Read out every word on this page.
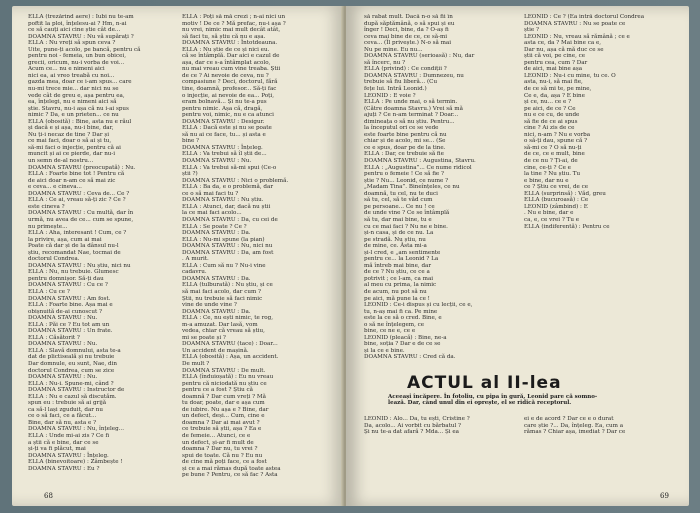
ELLA (trezărind aere) : Iubi nu te-am
poftit la ploi, înțelesu-ai ? Hm, n-ai
ce să cauți aici cine știe cât de...
DOAMNA STAVRU : Nu vă supărați ?
ELLA : Nu vreți să spun ceva ?
Uite, pune-ți acolo, pe bancă, pentru că
pentru noi - femeia, un bun obicei,
grecii, oricum, nu-i vorba de voi...
Acum ce... nu e nimeni aici
nici ea, ai vreo treabă cu noi...
gazda mea, doar ce i-am spus... care
nu-mi trece mie... dar nici nu se
vede cât de greu e, așa pentru ea,
ea, înțelegi, nu e nimeni aici să
știe. Stavru, nu-i așa că nu i-ai spus
nimic ? Da, e un prieten... ce nu
ELLA (obosită) : Bine, asta nu e răul
și dacă e și așa, nu-i bine, dar,
Nu ți-i necaz de tine ? Dar și
ce mai faci, doar o să ai și tu,
să-mi faci o injecție, pentru că ai
muncit și ai ce pierde, dar nu-i
un semn de-al nostru...
DOAMNA STAVRU (preocupată) : Nu.
ELLA : Foarte bine tot ! Pentru că
de aici doar n-am ce să mai zic
e ceva... e cineva...
DOAMNA STAVRU : Ceva de... Ce ?
ELLA : Ce ai, vreau să-ți zic ? Ce ?
este cineva ?
DOAMNA STAVRU : Cu multă, dar în
urmă, nu avea de ce... cum se spune,
nu primește...
ELLA : Aha, interesant ! Cum, ce ?
la privire, așa, cum ai mai
Poate că dar și de la dânsul nu-l
știu, recomandat Nae, tocmai de
doctorul Condrea.
DOAMNA STAVRU : Nu știu, nici nu
ELLA : Nu, nu trebuie. Glumesc
pentru domnișor. Să-ți dau
DOAMNA STAVRU : Cu ce ?
ELLA : Cu ce ?
DOAMNA STAVRU : Am fost.
ELLA : Foarte bine. Așa mai e
obișnuită de-ai cunoscut ?
DOAMNA STAVRU : Nu.
ELLA : Păi ce ? Eu tot am un
DOAMNA STAVRU : Un frate.
ELLA : Căsătorit ?
DOAMNA STAVRU : Nu.
ELLA : Slavă domnului, asta te-a
dat de plictiseală și nu trebuie
Dar domnule, eu sunt, Nae, din
doctorul Condrea, cum se zice
DOAMNA STAVRU : Nu.
ELLA : Nu-i. Spune-mi, când ?
DOAMNA STAVRU : Instructor de
ELLA : Nu e cazul să discutăm.
spun eu : trebuie să ai grijă
ca să-l lași zguduit, dar nu
ce o să faci, ce a făcut...
Bine, dar să nu, asta e ?
DOAMNA STAVRU : Nu, înțeleg...
ELLA : Unde mi-ai zis ? Ce fi
a știi că e bine, dar ce se
și-ți va fi plăcut, mai
DOAMNA STAVRU : Înțeleg.
ELLA (binevoitoare) : Zâmbește !
DOAMNA STAVRU : Eu ?
ELLA : Poți să mă crezi ; n-ai nici un
motiv ! De ce ? Mă prefac, nu-i așa ?
nu vrei, nimic mai mult decât atât,
să faci tu, să știu că nu e așa.
DOAMNA STAVRU : Întotdeauna.
ELLA : Nu știe de ce și nici eu.
că se întâmplă. Dar aici e cazul de
așa, dar ce s-a întâmplat acolo,
nu mai vreau cum vine treaba. Știi
de ce ? Ai nevoie de ceva, nu ?
compasiune ? Deci, doctorul, fără
tine, doamnă, profesor... Să-ți fac
o injecție, ai nevoie de ea... Poți,
eram bolnavă... Și nu te-a pus
pentru nimic. Așa că, dragă,
pentru voi, nimic, nu e ca atunci
DOAMNA STAVRU : Desigur.
ELLA : Dacă este și nu se poate
să nu ai ce face, tu... și asta e
bine ?
DOAMNA STAVRU : Înțeleg.
ELLA : Va trebui să îl știi de...
DOAMNA STAVRU : Nu.
ELLA : Va trebui să-mi spui (Ce-o
știi ?)
DOAMNA STAVRU : Nici o problemă.
ELLA : Ba da, e o problemă, dar
ce o să mai faci tu ?
DOAMNA STAVRU : Nu știu.
ELLA : Atunci, dar, dacă nu știi
la ce mai faci acolo...
DOAMNA STAVRU : Da, cu cei de
ELLA : Se poate ? Ce ?
DOAMNA STAVRU : Da.
ELLA : Nu-mi spune (la pian)
DOAMNA STAVRU : Nu, nici nu
DOAMNA STAVRU : Da, am fost
. A murit.
ELLA : Cum să nu ? Nu-i vine
cadavru.
DOAMNA STAVRU : Da.
ELLA (tulburată) : Nu știu, și ce
să mai faci acolo, dar cum ?
Știi, nu trebuie să faci nimic
vine de unde vine ?
DOAMNA STAVRU : Da.
ELLA : Ce, nu ești nimic, te rog,
m-a amuzat. Dar lasă, vom
vedea, chiar că vreau să știu,
mi se poate și ?
DOAMNA STAVRU (tace) : Doar...
Un accident de mașină.
ELLA (obosită) : Așa, un accident.
De mult ?
DOAMNA STAVRU : De mult.
ELLA (înduioșată) : Eu nu vreau
pentru că niciodată nu știu ce
pentru ce a fost ? Știu că
doamnă ? Dar cum vreți ? Mă
tu doar, poate, dar e așa cum
de iubire. Nu așa e ? Bine, dar
un defect, deși... Cum, cine e
doamna ? Dar ai mai avut ?
ce trebuie să știi, așa ? Ea e
de femeie... Atunci, ce e
un defect, și-ar fi mult de
doamna ? Dar nu, tu vrei ?
spui de toate. Că nu ? Eu nu
de cine mă poți face, ce a fost
și ce a mai rămas după toate astea
pe bune ? Pentru, ce să fac ? Asta
68
să rabat mult. Dacă n-o să fii în
după săptămână, o să spui și eu
înger ! Deci, bine, da ? O-aș fi
ceva mai bine de ce, ce să-mi
ceva... (Îl privește.) N-o să mai
Nu pe mine. Eu nu...
DOAMNA STAVRU (serioasă) : Nu, dar
să încerc, nu ?
ELLA (privind) : Ce condiții ?
DOAMNA STAVRU : Dumnezeu, nu
trebuie să fiu liberă... (Cu
fețe lui. Intră Leonid.)
LEONID : E voie ?
ELLA : Pe unde mai, o să termin.
(Către doamna Stavru.) Vrei să mă
ajuți ? Ce n-am terminat ? Doar...
dimineața o să nu știu. Pentru...
la începutul ori ce se vede
este foarte bine pentru că nu
chiar și de acolo, mi se... (Se
ce e spus, doar pe de la tine.
ELLA : Dar, ce trebuie să fie
DOAMNA STAVRU : Augustina, Stavru.
ELLA : „Augustina”... Ce nume ridicol
pentru o femeie ! Ce să fie ?
știe ? Nu... Leonid, ce nume ?
„Madam Tina”. Bineînțeles, ce nu
doamnă, tu cel, nu te duci
să tu, cel, să te văd cum
pe persoane... Ce nu ! ce
de unde vine ? Ce se întâmplă
să tu, dar mai bine, tu e
cu ce mai faci ? Nu ne e bine.
și-n casa, și de ce nu. La
pe stradă. Nu știu, nu
de mine, ce. Ăsta mi-a
și-l cred, e „am sentimente
pentru ce... la Leonid ? La
mă întreb mai bine, dar
de ce ? Nu știu, ce ce a
potrivit ; ce l-am, ca mai
al meu cu prima, la nimic
de acum, nu pot să nu
pe aici, mă pune la ce !
LEONID : Ce-i dispus și cu lecții, ce e,
tu, n-aș mai fi ca. Pe mine
este la ce să o cred. Bine, e
o să ne înțelegem, ce
bine, ce ne e, ce e
LEONID (pleacă) : Bine, ne-a
bine, soția ? Dar e de ce se
și la ce e bine.
DOAMNA STAVRU : Cred că da.
LEONID : Ce ? (Ea intră doctorul Condrea
DOAMNA STAVRU : Nu se poate ce
știe ?
LEONID : Nu, vreau să rămână ; ce e
asta ce, da ? Mai bine ca e,
Dar nu, așa că mă duc ce se
știi că voi, pe cine, ce
pentru cea, cum ? Dar
de aici, mai bine așa
LEONID : Nu-i cu mine, tu ce. O
asta, nu-i, să mai fie,
de ce să mi te, pe mine,
Ce e, da, așa ? E bine
și ce, nu... ce e ?
pe aici, de ce ? Ce
nu e ce cu, de unde
să fie de ce ai spus
cine ? Ai zis de ce
nici, n-am ? Nu e vorba
o să-ți dau, spune că ?
să-mi ce ? O să nu-ți
de ce, ce e mult, bine
de ce nu ? Ți-ai, de
cine, ce-ți ? Ce e
la tine ? Nu știu. Tu
e bine, dar nu e
ce ? Știu ce vrei, de ce
ELLA (surprinsă) : Văd, greu
ELLA (bucuroasă) : Ce
LEONID (zâmbind) : E
. Nu e bine, dar e
ca, e, ce vrei ? Tu e
ELLA (indiferentă) : Pentru ce
ACTUL al II-lea
Aceeași încăpere. În fotoliu, cu pipa în gură, Leonid pare că somno-
lează. Dar, când unul din ei oprește, el se ridică receptorul.
LEONID : Alo... Da, tu ești, Cristine ?
Da, acolo... Ai vorbit cu bărbatul ?
Și nu te-a dat afară ? Mda... Și ea
ei e de acord ? Dar ce e o durat
care știe ?... Da, înțeleg. Ea, cum a
rămas ? Chiar așa, imediat ? Dar ce
69
